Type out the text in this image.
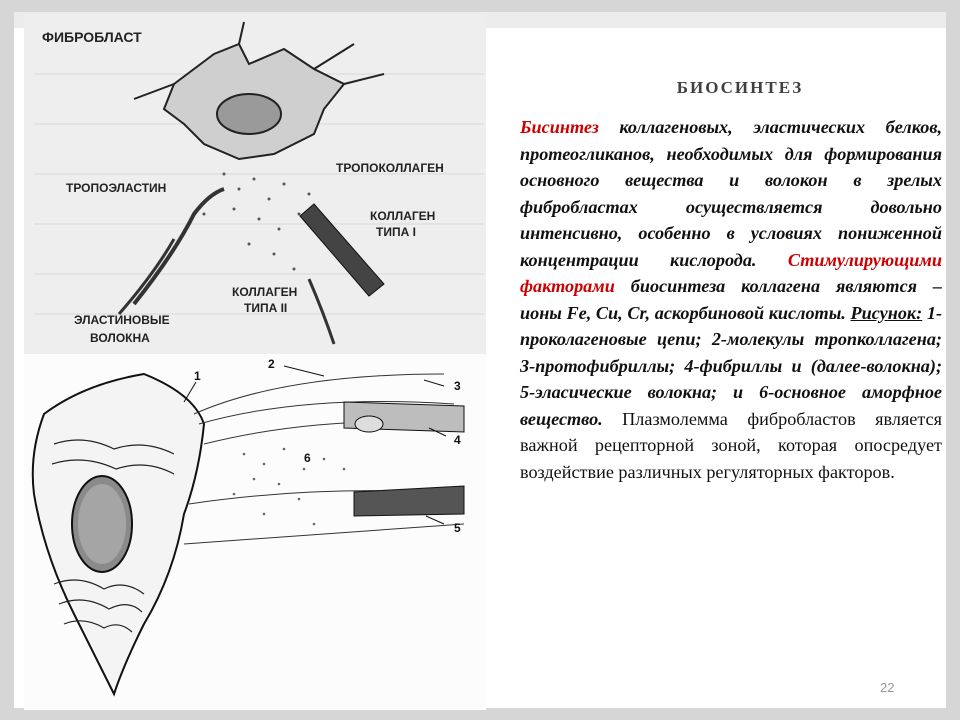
ФИБРОБЛАСТ
ТРОПОКОЛЛАГЕН
ТРОПОЭЛАСТИН
КОЛЛАГЕН
ТИПА I
КОЛЛАГЕН
ТИПА II
ЭЛАСТИНОВЫЕ
ВОЛОКНА
1
2
3
4
5
6
БИОСИНТЕЗ
Бисинтез коллагеновых, эластических белков, протеогликанов, необходимых для формирования основного вещества и волокон в зрелых фибробластах осуществляется довольно интенсивно, особенно в условиях пониженной концентрации кислорода. Стимулирующими факторами биосинтеза коллагена являются – ионы Fe, Cu, Cr, аскорбиновой кислоты. Рисунок: 1-проколагеновые цепи; 2-молекулы тропколлагена; 3-протофибриллы; 4-фибриллы и (далее-волокна); 5-эласические волокна; и 6-основное аморфное вещество. Плазмолемма фибробластов является важной рецепторной зоной, которая опосредует воздействие различных регуляторных факторов.
22
